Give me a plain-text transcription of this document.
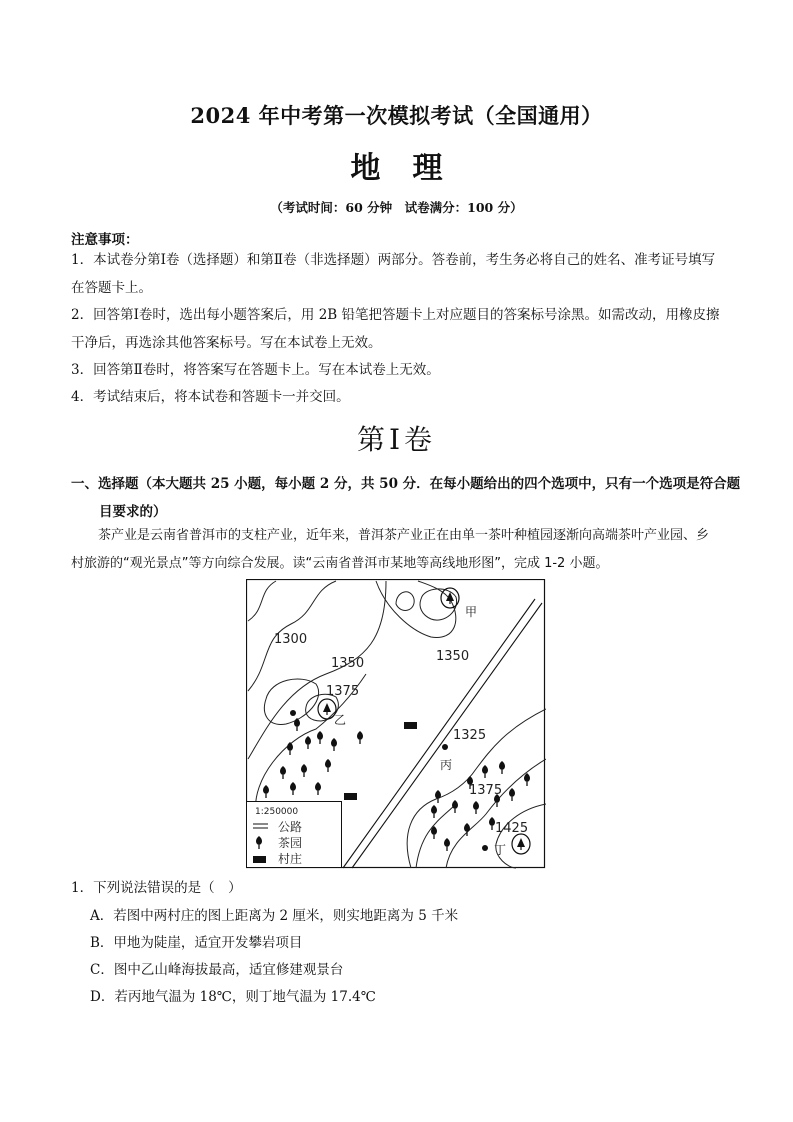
2024 年中考第一次模拟考试（全国通用）
地理
（考试时间：60 分钟　试卷满分：100 分）
注意事项：
1．本试卷分第Ⅰ卷（选择题）和第Ⅱ卷（非选择题）两部分。答卷前，考生务必将自己的姓名、准考证号填写在答题卡上。
2．回答第Ⅰ卷时，选出每小题答案后，用 2B 铅笔把答题卡上对应题目的答案标号涂黑。如需改动，用橡皮擦干净后，再选涂其他答案标号。写在本试卷上无效。
3．回答第Ⅱ卷时，将答案写在答题卡上。写在本试卷上无效。
4．考试结束后，将本试卷和答题卡一并交回。
第Ⅰ卷
一、选择题（本大题共 25 小题，每小题 2 分，共 50 分．在每小题给出的四个选项中，只有一个选项是符合题目要求的）
茶产业是云南省普洱市的支柱产业，近年来，普洱茶产业正在由单一茶叶种植园逐渐向高端茶叶产业园、乡村旅游的“观光景点”等方向综合发展。读“云南省普洱市某地等高线地形图”，完成 1-2 小题。
1300
1350	1350
1375
1325
1375
1425
甲
乙
丙
丁
1:250000
公路
茶园
村庄
1．下列说法错误的是（　）
A．若图中两村庄的图上距离为 2 厘米，则实地距离为 5 千米
B．甲地为陡崖，适宜开发攀岩项目
C．图中乙山峰海拔最高，适宜修建观景台
D．若丙地气温为 18℃，则丁地气温为 17.4℃
